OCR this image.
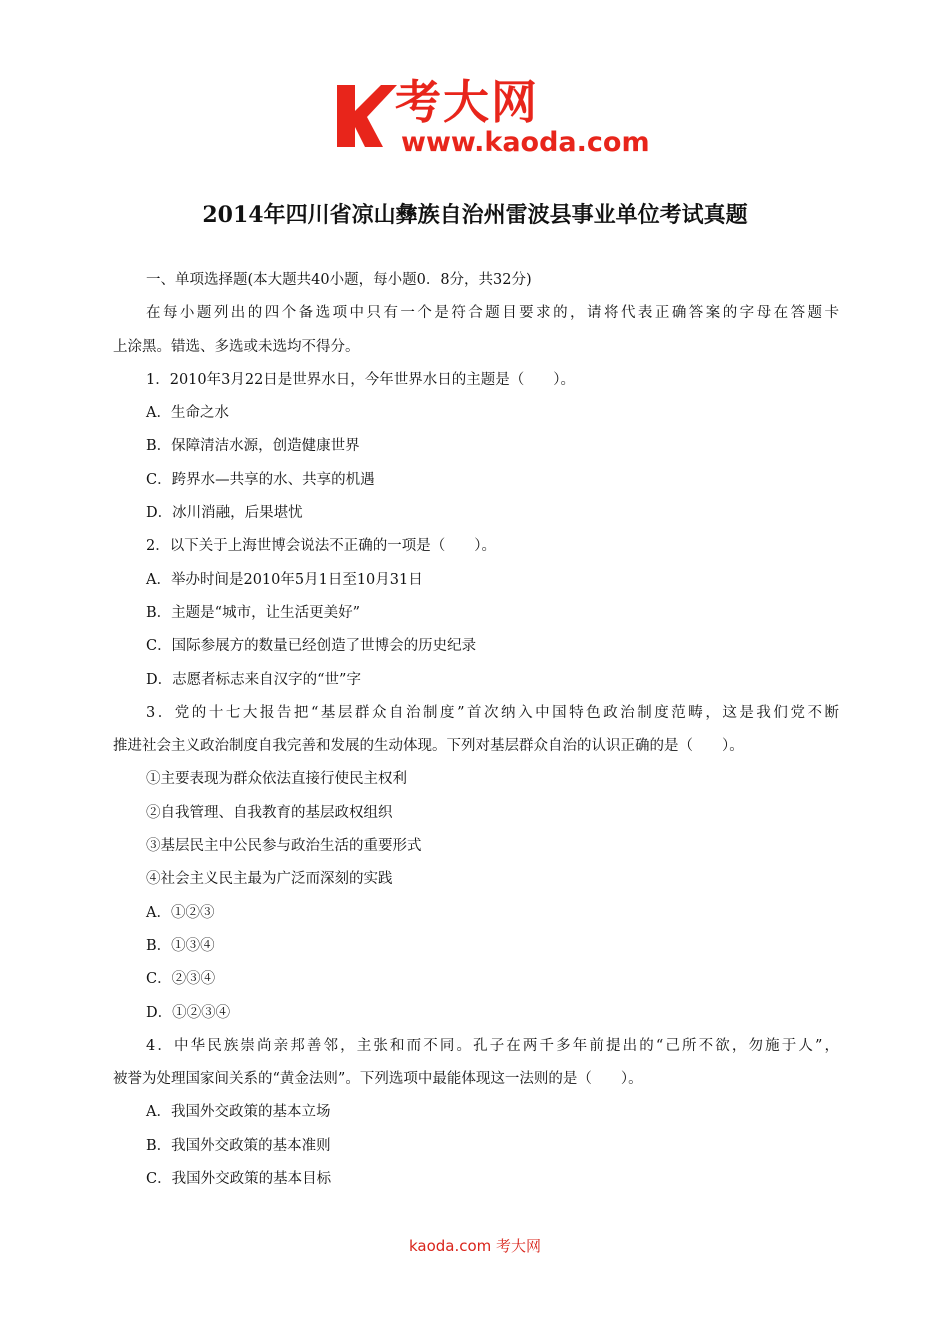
考大网
www.kaoda.com
2014年四川省凉山彝族自治州雷波县事业单位考试真题
一、单项选择题(本大题共40小题，每小题0．8分，共32分)
在每小题列出的四个备选项中只有一个是符合题目要求的，请将代表正确答案的字母在答题卡
上涂黑。错选、多选或未选均不得分。
1．2010年3月22日是世界水日，今年世界水日的主题是（　　）。
A．生命之水
B．保障清洁水源，创造健康世界
C．跨界水—共享的水、共享的机遇
D．冰川消融，后果堪忧
2．以下关于上海世博会说法不正确的一项是（　　）。
A．举办时间是2010年5月1日至10月31日
B．主题是“城市，让生活更美好”
C．国际参展方的数量已经创造了世博会的历史纪录
D．志愿者标志来自汉字的“世”字
3．党的十七大报告把“基层群众自治制度”首次纳入中国特色政治制度范畴，这是我们党不断
推进社会主义政治制度自我完善和发展的生动体现。下列对基层群众自治的认识正确的是（　　）。
①主要表现为群众依法直接行使民主权利
②自我管理、自我教育的基层政权组织
③基层民主中公民参与政治生活的重要形式
④社会主义民主最为广泛而深刻的实践
A．①②③
B．①③④
C．②③④
D．①②③④
4．中华民族崇尚亲邦善邻，主张和而不同。孔子在两千多年前提出的“己所不欲，勿施于人”，
被誉为处理国家间关系的“黄金法则”。下列选项中最能体现这一法则的是（　　）。
A．我国外交政策的基本立场
B．我国外交政策的基本准则
C．我国外交政策的基本目标
kaoda.com 考大网
